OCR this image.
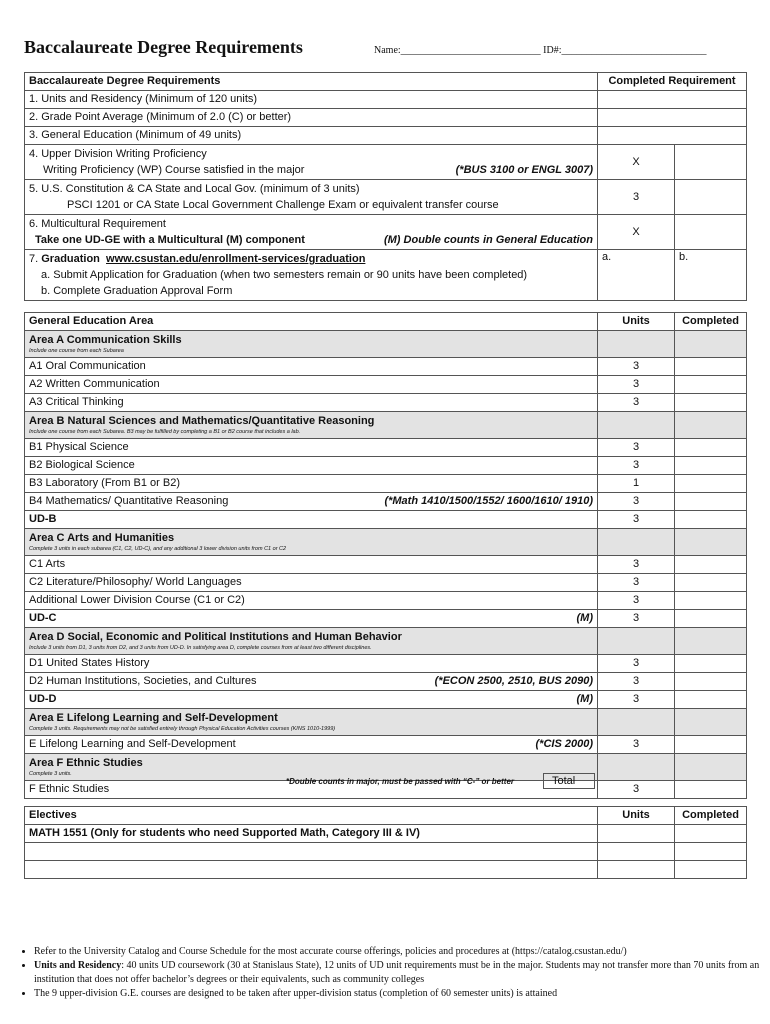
Baccalaureate Degree Requirements	Name:____________________________ ID#:_____________________________
Baccalaureate Degree Requirements	Completed Requirement	
1. Units and Residency (Minimum of 120 units)		
2. Grade Point Average (Minimum of 2.0 (C) or better)		
3. General Education (Minimum of 49 units)		

4. Upper Division Writing Proficiency
Writing Proficiency (WP) Course satisfied in the major (*BUS 3100 or ENGL 3007)	X	

5. U.S. Constitution & CA State and Local Gov. (minimum of 3 units)
PSCI 1201 or CA State Local Government Challenge Exam or equivalent transfer course	3	

6. Multicultural Requirement
Take one UD-GE with a Multicultural (M) component (M) Double counts in General Education	X	

7. Graduation www.csustan.edu/enrollment-services/graduation
a. Submit Application for Graduation (when two semesters remain or 90 units have been completed)
b. Complete Graduation Approval Form	a.	b.
General Education Area	Units	Completed

Area A Communication Skills
Include one course from each Subarea		

A1 Oral Communication	3	
A2 Written Communication	3	
A3 Critical Thinking	3	

Area B Natural Sciences and Mathematics/Quantitative Reasoning
Include one course from each Subarea. B3 may be fulfilled by completing a B1 or B2 course that includes a lab.		

B1 Physical Science	3	
B2 Biological Science	3	
B3 Laboratory (From B1 or B2)	1	

B4 Mathematics/ Quantitative Reasoning (*Math 1410/1500/1552/ 1600/1610/ 1910)	3	
UD-B	3	

Area C Arts and Humanities
Complete 3 units in each subarea (C1, C2, UD-C), and any additional 3 lower division units from C1 or C2		

C1 Arts	3	
C2 Literature/Philosophy/ World Languages	3	
Additional Lower Division Course (C1 or C2)	3	

UD-C (M)	3	

Area D Social, Economic and Political Institutions and Human Behavior
Include 3 units from D1, 3 units from D2, and 3 units from UD-D. In satisfying area D, complete courses from at least two different disciplines.		

D1 United States History	3	

D2 Human Institutions, Societies, and Cultures (*ECON 2500, 2510, BUS 2090)	3	

UD-D (M)	3	

Area E Lifelong Learning and Self-Development
Complete 3 units. Requirements may not be satisfied entirely through Physical Education Activities courses (KINS 1010-1999)		

E Lifelong Learning and Self-Development (*CIS 2000)	3	

Area F Ethnic Studies
Complete 3 units.		

F Ethnic Studies	3	
*Double counts in major, must be passed with “C-” or better	Total
Electives	Units	Completed
MATH 1551 (Only for students who need Supported Math, Category III & IV)		

• Refer to the University Catalog and Course Schedule for the most accurate course offerings, policies and procedures at (https://catalog.csustan.edu/)
• Units and Residency: 40 units UD coursework (30 at Stanislaus State), 12 units of UD unit requirements must be in the major. Students may not transfer more than 70 units from an institution that does not offer bachelor’s degrees or their equivalents, such as community colleges
• The 9 upper-division G.E. courses are designed to be taken after upper-division status (completion of 60 semester units) is attained
